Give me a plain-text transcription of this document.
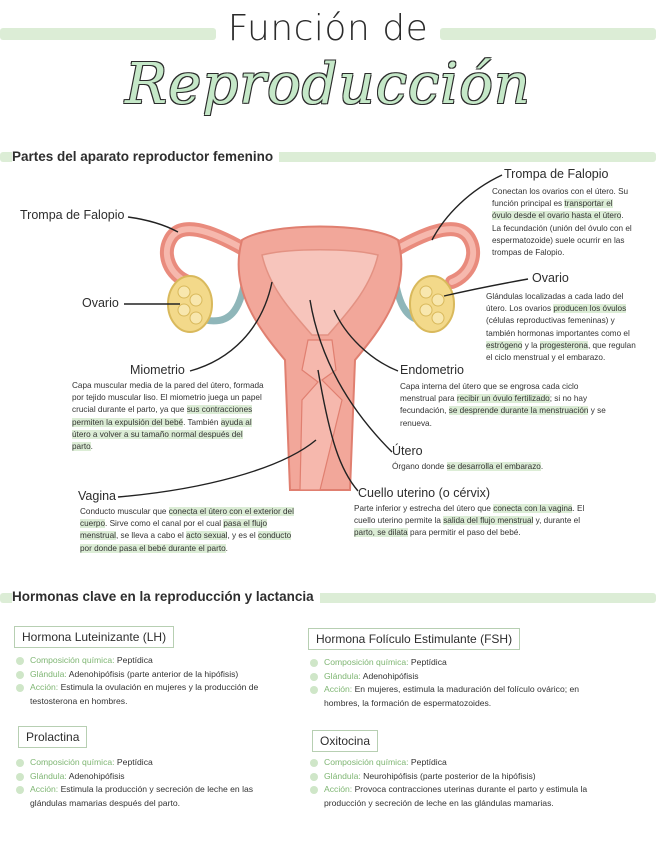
Función de
Reproducción
Partes del aparato reproductor femenino
Trompa de Falopio
Ovario
Miometrio
Vagina
Trompa de Falopio
Ovario
Endometrio
Útero
Cuello uterino (o cérvix)

Conectan los ovarios con el útero. Su función principal es transportar el óvulo desde el ovario hasta el útero. La fecundación (unión del óvulo con el espermatozoide) suele ocurrir en las trompas de Falopio.

Glándulas localizadas a cada lado del útero. Los ovarios producen los óvulos (células reproductivas femeninas) y también hormonas importantes como el estrógeno y la progesterona, que regulan el ciclo menstrual y el embarazo.

Capa muscular media de la pared del útero, formada por tejido muscular liso. El miometrio juega un papel crucial durante el parto, ya que sus contracciones permiten la expulsión del bebé. También ayuda al útero a volver a su tamaño normal después del parto.

Capa interna del útero que se engrosa cada ciclo menstrual para recibir un óvulo fertilizado; si no hay fecundación, se desprende durante la menstruación y se renueva.

Órgano donde se desarrolla el embarazo.

Conducto muscular que conecta el útero con el exterior del cuerpo. Sirve como el canal por el cual pasa el flujo menstrual, se lleva a cabo el acto sexual, y es el conducto por donde pasa el bebé durante el parto.

Parte inferior y estrecha del útero que conecta con la vagina. El cuello uterino permite la salida del flujo menstrual y, durante el parto, se dilata para permitir el paso del bebé.

Hormonas clave en la reproducción y lactancia
Hormona Luteinizante (LH)
Composición química: Peptídica
Glándula: Adenohipófisis (parte anterior de la hipófisis)
Acción: Estimula la ovulación en mujeres y la producción de testosterona en hombres.
Hormona Folículo Estimulante (FSH)
Composición química: Peptídica
Glándula: Adenohipófisis
Acción: En mujeres, estimula la maduración del folículo ovárico; en hombres, la formación de espermatozoides.
Prolactina
Composición química: Peptídica
Glándula: Adenohipófisis
Acción: Estimula la producción y secreción de leche en las glándulas mamarias después del parto.
Oxitocina
Composición química: Peptídica
Glándula: Neurohipófisis (parte posterior de la hipófisis)
Acción: Provoca contracciones uterinas durante el parto y estimula la producción y secreción de leche en las glándulas mamarias.
